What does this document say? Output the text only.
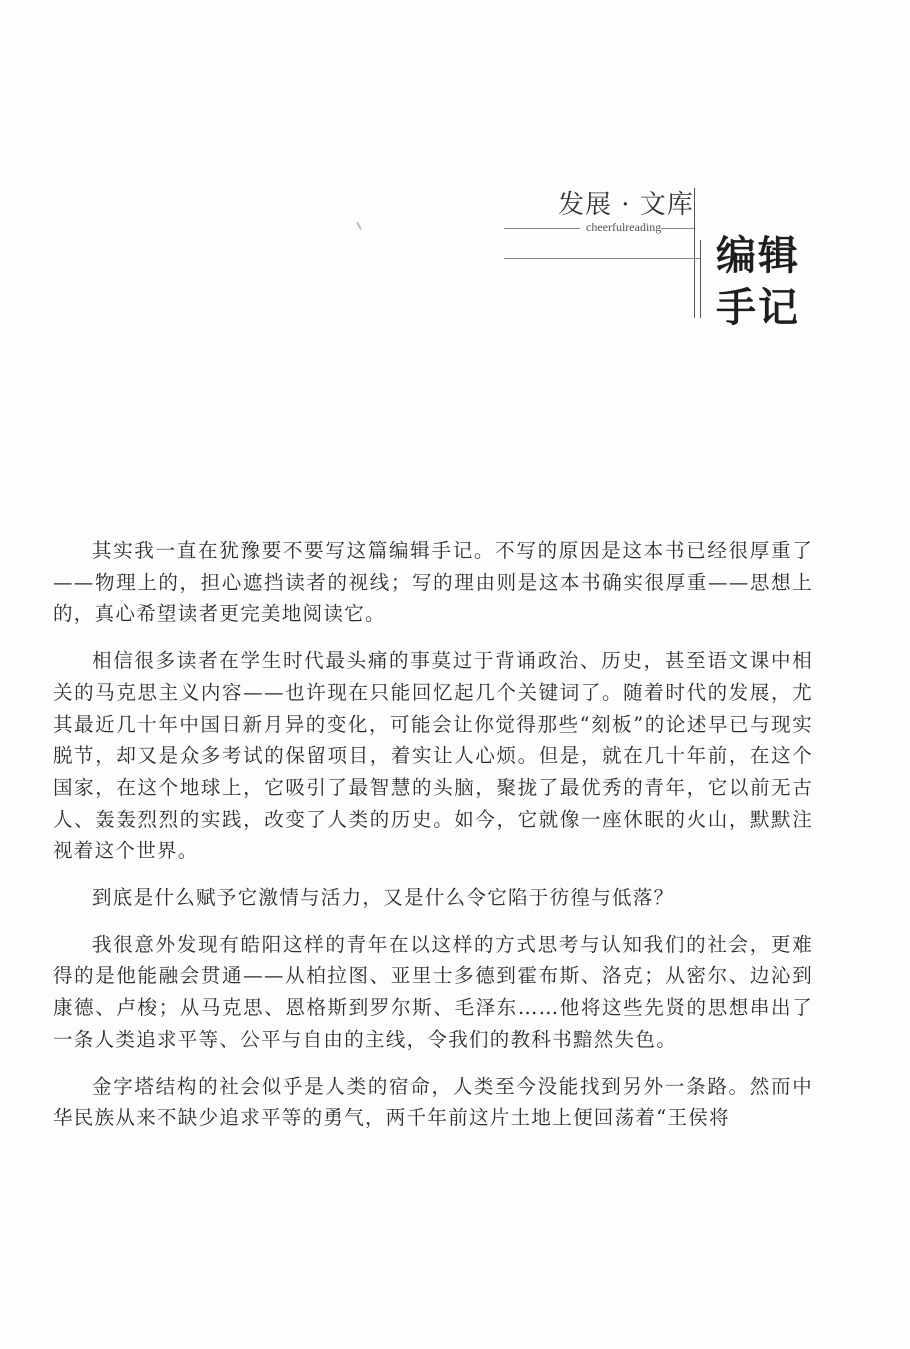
发展 · 文库
cheerfulreading
编辑
手记

其实我一直在犹豫要不要写这篇编辑手记。不写的原因是这本书已经很厚重了——物理上的，担心遮挡读者的视线；写的理由则是这本书确实很厚重——思想上的，真心希望读者更完美地阅读它。

相信很多读者在学生时代最头痛的事莫过于背诵政治、历史，甚至语文课中相关的马克思主义内容——也许现在只能回忆起几个关键词了。随着时代的发展，尤其最近几十年中国日新月异的变化，可能会让你觉得那些“刻板”的论述早已与现实脱节，却又是众多考试的保留项目，着实让人心烦。但是，就在几十年前，在这个国家，在这个地球上，它吸引了最智慧的头脑，聚拢了最优秀的青年，它以前无古人、轰轰烈烈的实践，改变了人类的历史。如今，它就像一座休眠的火山，默默注视着这个世界。

到底是什么赋予它激情与活力，又是什么令它陷于彷徨与低落？

我很意外发现有皓阳这样的青年在以这样的方式思考与认知我们的社会，更难得的是他能融会贯通——从柏拉图、亚里士多德到霍布斯、洛克；从密尔、边沁到康德、卢梭；从马克思、恩格斯到罗尔斯、毛泽东……他将这些先贤的思想串出了一条人类追求平等、公平与自由的主线，令我们的教科书黯然失色。

金字塔结构的社会似乎是人类的宿命，人类至今没能找到另外一条路。然而中华民族从来不缺少追求平等的勇气，两千年前这片土地上便回荡着“王侯将
